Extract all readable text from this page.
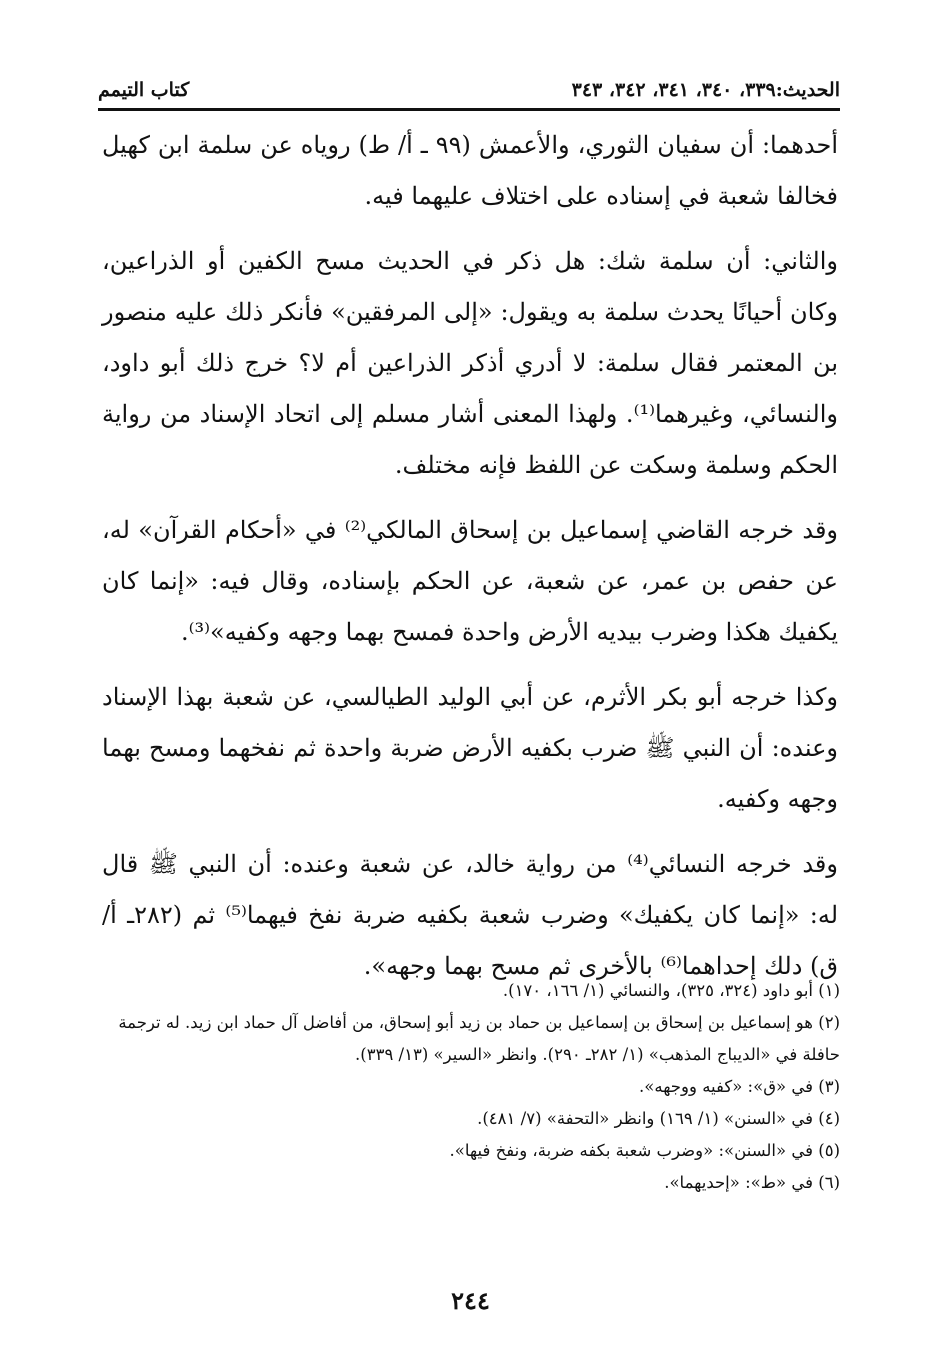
الحديث:٣٣٩، ٣٤٠، ٣٤١، ٣٤٢، ٣٤٣
كتاب التيمم

أحدهما: أن سفيان الثوري، والأعمش (٩٩ ـ أ/ ط) روياه عن سلمة ابن كهيل فخالفا شعبة في إسناده على اختلاف عليهما فيه.

والثاني: أن سلمة شك: هل ذكر في الحديث مسح الكفين أو الذراعين، وكان أحيانًا يحدث سلمة به ويقول: «إلى المرفقين» فأنكر ذلك عليه منصور بن المعتمر فقال سلمة: لا أدري أذكر الذراعين أم لا؟ خرج ذلك أبو داود، والنسائي، وغيرهما⁽¹⁾. ولهذا المعنى أشار مسلم إلى اتحاد الإسناد من رواية الحكم وسلمة وسكت عن اللفظ فإنه مختلف.

وقد خرجه القاضي إسماعيل بن إسحاق المالكي⁽²⁾ في «أحكام القرآن» له، عن حفص بن عمر، عن شعبة، عن الحكم بإسناده، وقال فيه: «إنما كان يكفيك هكذا وضرب بيديه الأرض واحدة فمسح بهما وجهه وكفيه»⁽³⁾.

وكذا خرجه أبو بكر الأثرم، عن أبي الوليد الطيالسي، عن شعبة بهذا الإسناد وعنده: أن النبي ﷺ ضرب بكفيه الأرض ضربة واحدة ثم نفخهما ومسح بهما وجهه وكفيه.

وقد خرجه النسائي⁽⁴⁾ من رواية خالد، عن شعبة وعنده: أن النبي ﷺ قال له: «إنما كان يكفيك» وضرب شعبة بكفيه ضربة نفخ فيهما⁽⁵⁾ ثم (٢٨٢ـ أ/ ق) دلك إحداهما⁽⁶⁾ بالأخرى ثم مسح بهما وجهه».

(١) أبو داود (٣٢٤، ٣٢٥)، والنسائي (١/ ١٦٦، ١٧٠).

(٢) هو إسماعيل بن إسحاق بن إسماعيل بن حماد بن زيد أبو إسحاق، من أفاضل آل حماد ابن زيد. له ترجمة حافلة في «الديباج المذهب» (١/ ٢٨٢ـ ٢٩٠). وانظر «السير» (١٣/ ٣٣٩).

(٣) في «ق»: «كفيه ووجهه».

(٤) في «السنن» (١/ ١٦٩) وانظر «التحفة» (٧/ ٤٨١).

(٥) في «السنن»: «وضرب شعبة بكفه ضربة، ونفخ فيها».

(٦) في «ط»: «إحديهما».

٢٤٤
